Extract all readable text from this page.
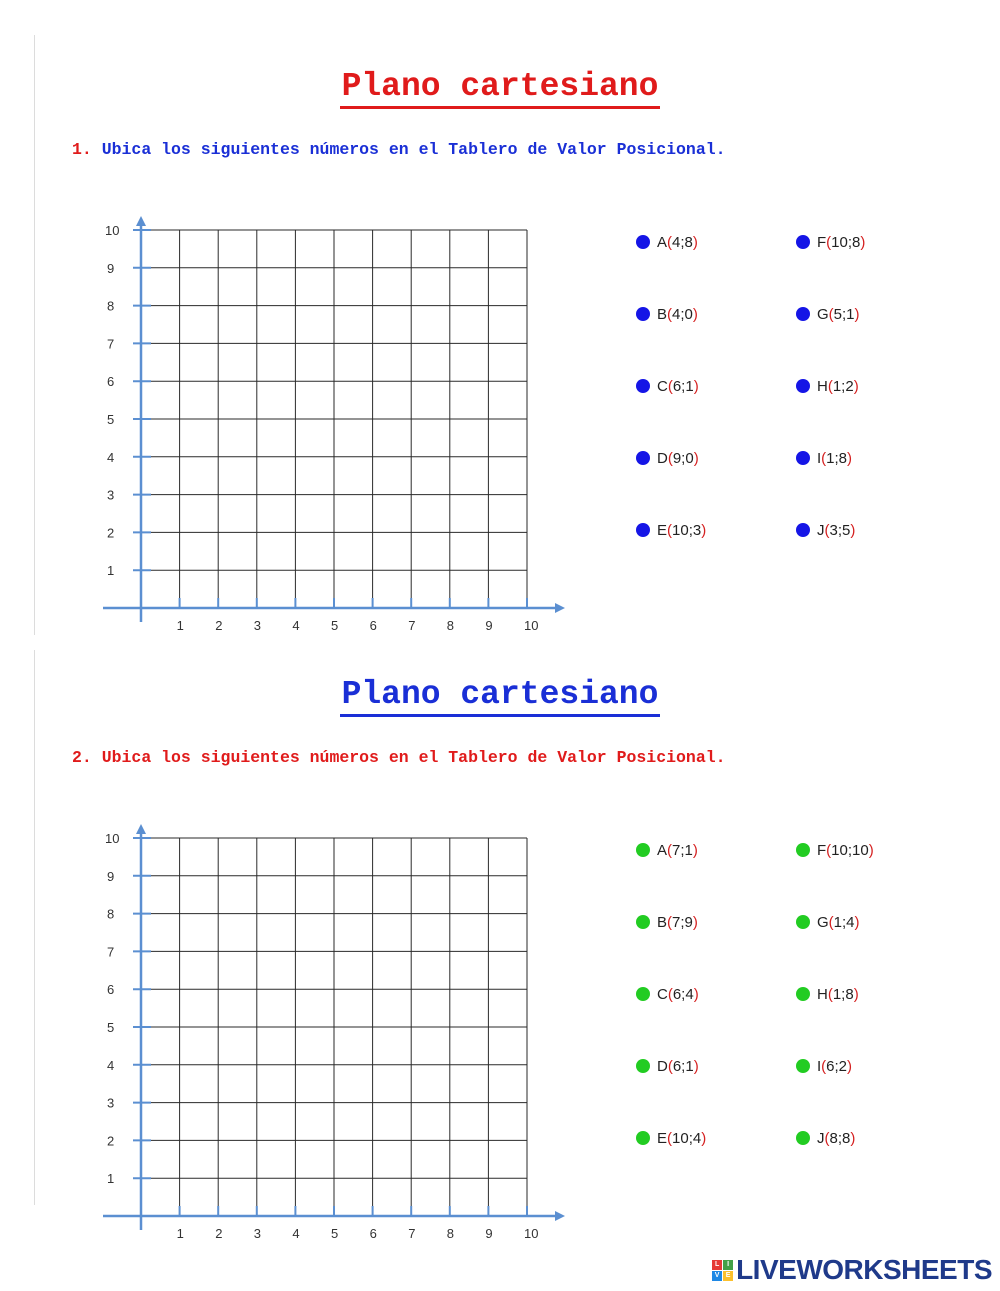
Plano cartesiano
1. Ubica los siguientes números en el Tablero de Valor Posicional.
1 2 3 4 5 6 7 8 9 10
1
2
3
4
5
6
7
8
9
10
A ( 4;8 )
B ( 4;0 )
C ( 6;1 )
D ( 9;0 )
E ( 10;3 )
F ( 10;8 )
G ( 5;1 )
H ( 1;2 )
I ( 1;8 )
J ( 3;5 )
Plano cartesiano
2. Ubica los siguientes números en el Tablero de Valor Posicional.
1 2 3 4 5 6 7 8 9 10
1
2
3
4
5
6
7
8
9
10
A ( 7;1 )
B ( 7;9 )
C ( 6;4 )
D ( 6;1 )
E ( 10;4 )
F ( 10;10 )
G ( 1;4 )
H ( 1;8 )
I ( 6;2 )
J ( 8;8 )
L	I
V E LIVEWORKSHEETS
